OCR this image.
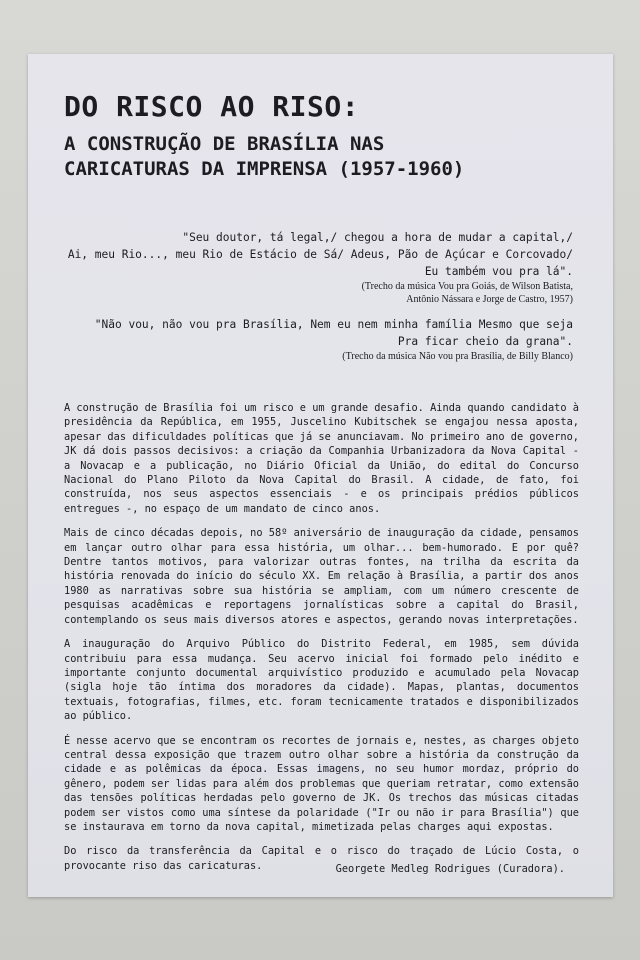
DO RISCO AO RISO:
A CONSTRUÇÃO DE BRASÍLIA NAS
CARICATURAS DA IMPRENSA (1957-1960)
"Seu doutor, tá legal,/ chegou a hora de mudar a capital,/
Ai, meu Rio..., meu Rio de Estácio de Sá/ Adeus, Pão de Açúcar e Corcovado/
Eu também vou pra lá".
(Trecho da música Vou pra Goiás, de Wilson Batista,
Antônio Nássara e Jorge de Castro, 1957)
"Não vou, não vou pra Brasília, Nem eu nem minha família Mesmo que seja
Pra ficar cheio da grana".
(Trecho da música Não vou pra Brasília, de Billy Blanco)

A construção de Brasília foi um risco e um grande desafio. Ainda quando candidato à presidência da República, em 1955, Juscelino Kubitschek se engajou nessa aposta, apesar das dificuldades políticas que já se anunciavam. No primeiro ano de governo, JK dá dois passos decisivos: a criação da Companhia Urbanizadora da Nova Capital - a Novacap e a publicação, no Diário Oficial da União, do edital do Concurso Nacional do Plano Piloto da Nova Capital do Brasil. A cidade, de fato, foi construída, nos seus aspectos essenciais - e os principais prédios públicos entregues -, no espaço de um mandato de cinco anos.

Mais de cinco décadas depois, no 58º aniversário de inauguração da cidade, pensamos em lançar outro olhar para essa história, um olhar... bem-humorado. E por quê? Dentre tantos motivos, para valorizar outras fontes, na trilha da escrita da história renovada do início do século XX. Em relação à Brasília, a partir dos anos 1980 as narrativas sobre sua história se ampliam, com um número crescente de pesquisas acadêmicas e reportagens jornalísticas sobre a capital do Brasil, contemplando os seus mais diversos atores e aspectos, gerando novas interpretações.

A inauguração do Arquivo Público do Distrito Federal, em 1985, sem dúvida contribuiu para essa mudança. Seu acervo inicial foi formado pelo inédito e importante conjunto documental arquivístico produzido e acumulado pela Novacap (sigla hoje tão íntima dos moradores da cidade). Mapas, plantas, documentos textuais, fotografias, filmes, etc. foram tecnicamente tratados e disponibilizados ao público.

É nesse acervo que se encontram os recortes de jornais e, nestes, as charges objeto central dessa exposição que trazem outro olhar sobre a história da construção da cidade e as polêmicas da época. Essas imagens, no seu humor mordaz, próprio do gênero, podem ser lidas para além dos problemas que queriam retratar, como extensão das tensões políticas herdadas pelo governo de JK. Os trechos das músicas citadas podem ser vistos como uma síntese da polaridade ("Ir ou não ir para Brasília") que se instaurava em torno da nova capital, mimetizada pelas charges aqui expostas.

Do risco da transferência da Capital e o risco do traçado de Lúcio Costa, o provocante riso das caricaturas.	Georgete Medleg Rodrigues (Curadora).
